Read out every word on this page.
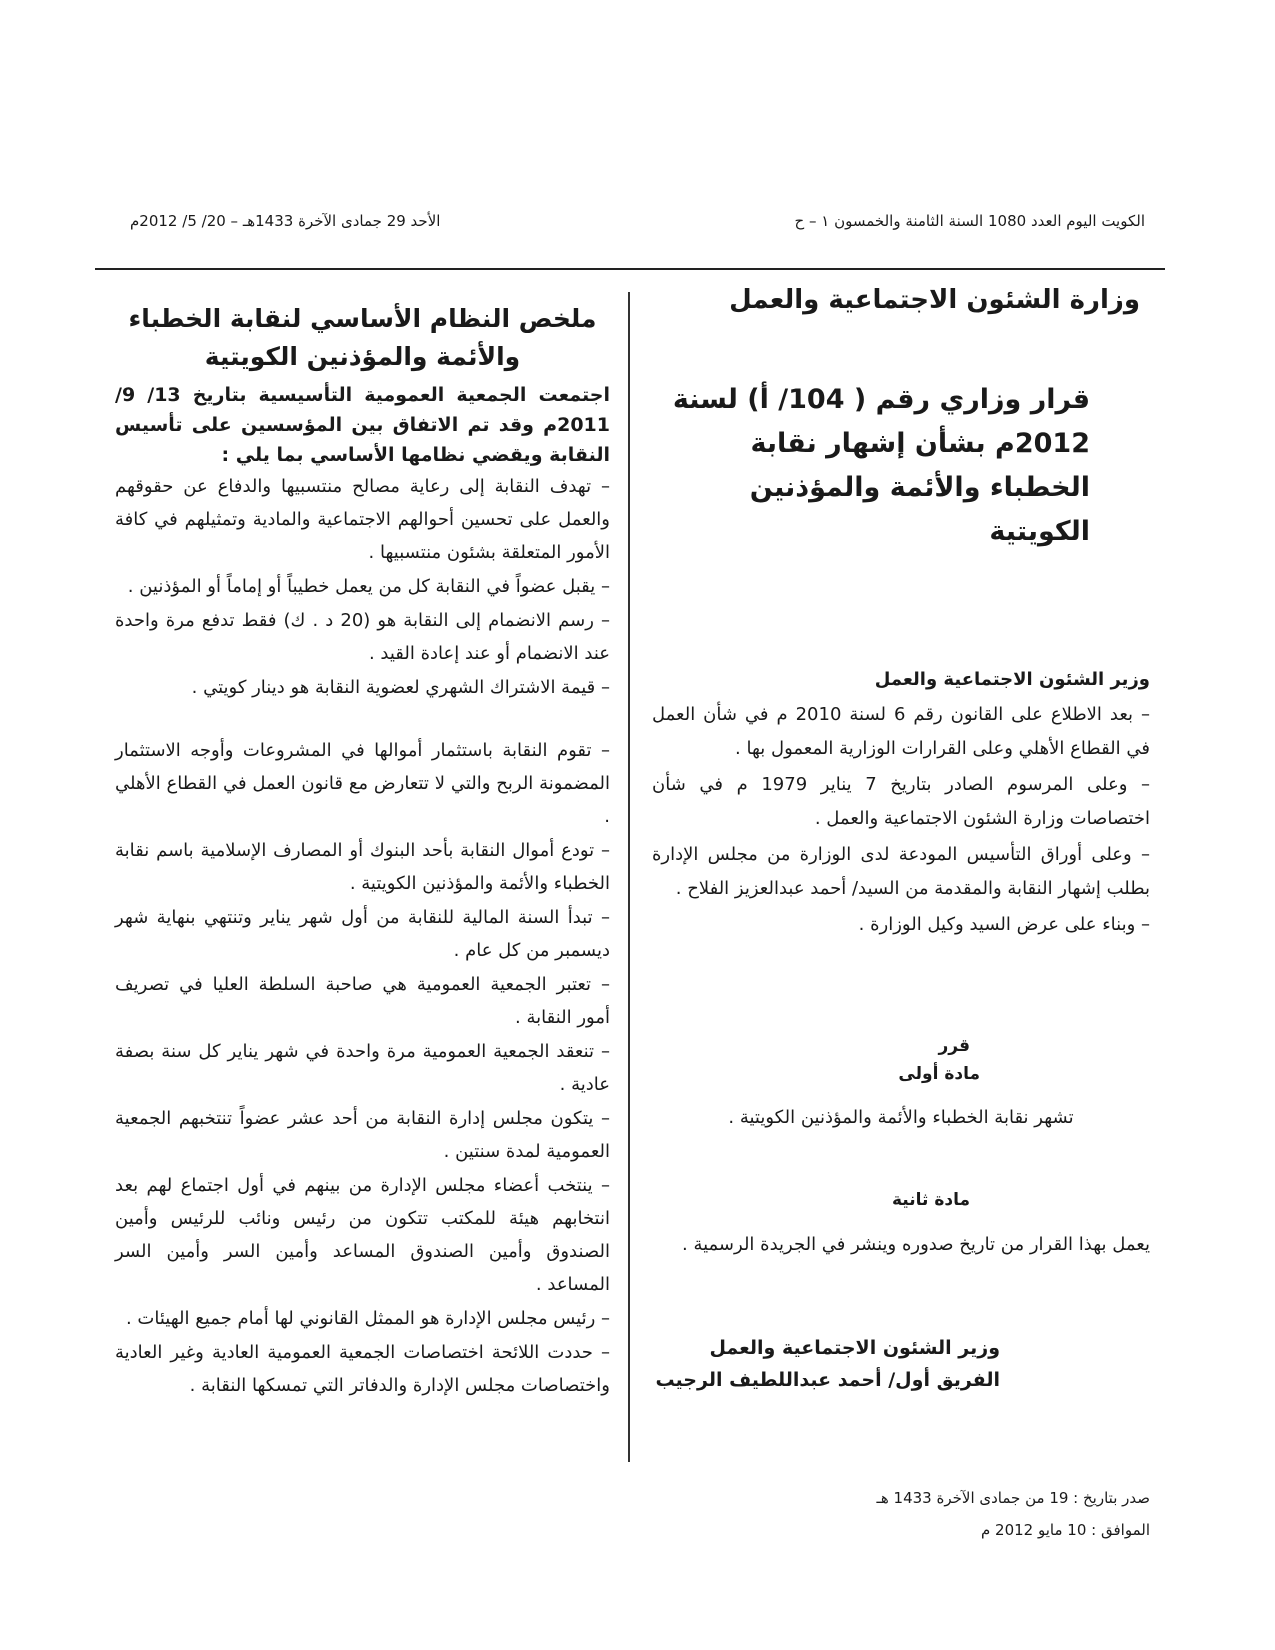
الكويت اليوم العدد 1080 السنة الثامنة والخمسون ١ – ح
الأحد 29 جمادى الآخرة 1433هـ – 20/ 5/ 2012م
وزارة الشئون الاجتماعية والعمل
قرار وزاري رقم ( 104/ أ) لسنة 2012م بشأن إشهار نقابة الخطباء والأئمة والمؤذنين الكويتية
وزير الشئون الاجتماعية والعمل

– بعد الاطلاع على القانون رقم 6 لسنة 2010 م في شأن العمل في القطاع الأهلي وعلى القرارات الوزارية المعمول بها .

– وعلى المرسوم الصادر بتاريخ 7 يناير 1979 م في شأن اختصاصات وزارة الشئون الاجتماعية والعمل .

– وعلى أوراق التأسيس المودعة لدى الوزارة من مجلس الإدارة بطلب إشهار النقابة والمقدمة من السيد/ أحمد عبدالعزيز الفلاح .

– وبناء على عرض السيد وكيل الوزارة .

قرر
مادة أولى
تشهر نقابة الخطباء والأئمة والمؤذنين الكويتية .
مادة ثانية
يعمل بهذا القرار من تاريخ صدوره وينشر في الجريدة الرسمية .
وزير الشئون الاجتماعية والعمل
الفريق أول/ أحمد عبداللطيف الرجيب
صدر بتاريخ : 19 من جمادى الآخرة 1433 هـ
الموافق : 10 مايو 2012 م
ملخص النظام الأساسي لنقابة الخطباء والأئمة والمؤذنين الكويتية
اجتمعت الجمعية العمومية التأسيسية بتاريخ 13/ 9/ 2011م وقد تم الاتفاق بين المؤسسين على تأسيس النقابة ويقضي نظامها الأساسي بما يلي :

– تهدف النقابة إلى رعاية مصالح منتسبيها والدفاع عن حقوقهم والعمل على تحسين أحوالهم الاجتماعية والمادية وتمثيلهم في كافة الأمور المتعلقة بشئون منتسبيها .

– يقبل عضواً في النقابة كل من يعمل خطيباً أو إماماً أو المؤذنين .

– رسم الانضمام إلى النقابة هو (20 د . ك) فقط تدفع مرة واحدة عند الانضمام أو عند إعادة القيد .

– قيمة الاشتراك الشهري لعضوية النقابة هو دينار كويتي .

– تقوم النقابة باستثمار أموالها في المشروعات وأوجه الاستثمار المضمونة الربح والتي لا تتعارض مع قانون العمل في القطاع الأهلي .

– تودع أموال النقابة بأحد البنوك أو المصارف الإسلامية باسم نقابة الخطباء والأئمة والمؤذنين الكويتية .

– تبدأ السنة المالية للنقابة من أول شهر يناير وتنتهي بنهاية شهر ديسمبر من كل عام .

– تعتبر الجمعية العمومية هي صاحبة السلطة العليا في تصريف أمور النقابة .

– تنعقد الجمعية العمومية مرة واحدة في شهر يناير كل سنة بصفة عادية .

– يتكون مجلس إدارة النقابة من أحد عشر عضواً تنتخبهم الجمعية العمومية لمدة سنتين .

– ينتخب أعضاء مجلس الإدارة من بينهم في أول اجتماع لهم بعد انتخابهم هيئة للمكتب تتكون من رئيس ونائب للرئيس وأمين الصندوق وأمين الصندوق المساعد وأمين السر وأمين السر المساعد .

– رئيس مجلس الإدارة هو الممثل القانوني لها أمام جميع الهيئات .

– حددت اللائحة اختصاصات الجمعية العمومية العادية وغير العادية واختصاصات مجلس الإدارة والدفاتر التي تمسكها النقابة .
